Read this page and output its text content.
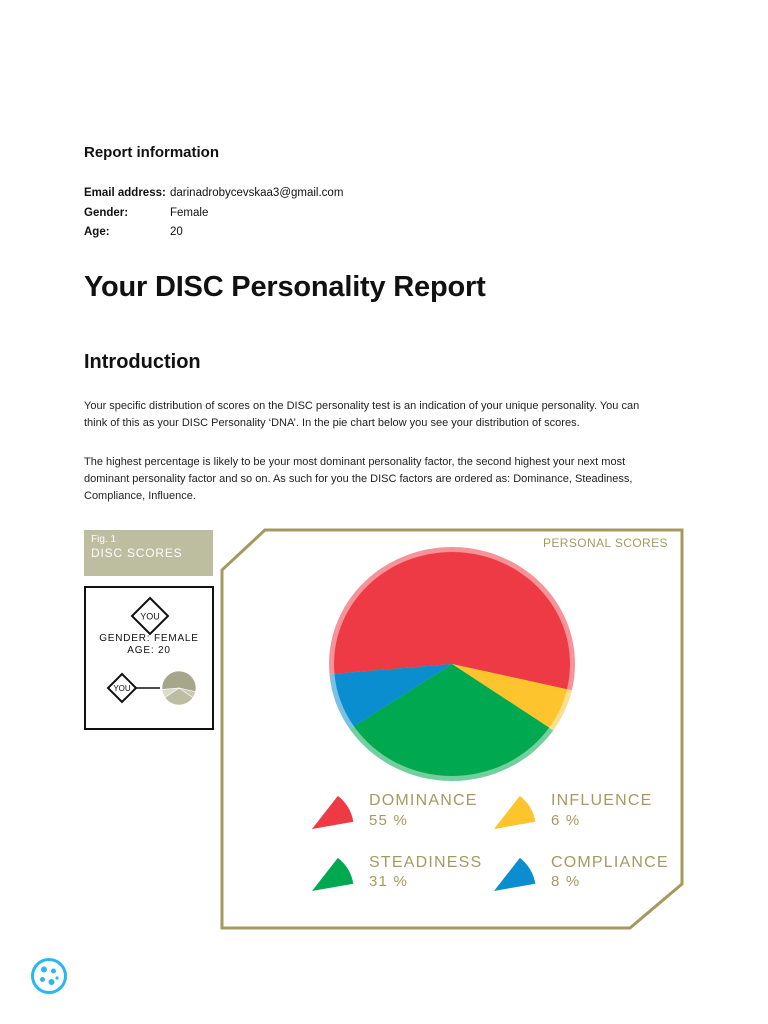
Report information
Email address: darinadrobycevskaa3@gmail.com
Gender:	Female
Age:	20
Your DISC Personality Report
Introduction
Your specific distribution of scores on the DISC personality test is an indication of your unique personality. You can
think of this as your DISC Personality ‘DNA’. In the pie chart below you see your distribution of scores.
The highest percentage is likely to be your most dominant personality factor, the second highest your next most
dominant personality factor and so on. As such for you the DISC factors are ordered as: Dominance, Steadiness,
Compliance, Influence.
Fig. 1
DISC SCORES
YOU
GENDER: FEMALE
AGE: 20
YOU
PERSONAL SCORES
DOMINANCE
55 %
INFLUENCE
6 %
STEADINESS
31 %
COMPLIANCE
8 %
